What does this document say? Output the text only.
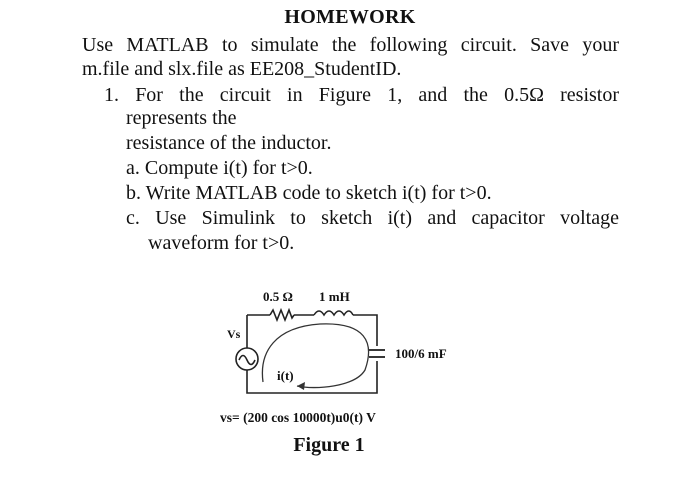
HOMEWORK
Use MATLAB to simulate the following circuit. Save your
m.file and slx.file as EE208_StudentID.
1. For the circuit in Figure 1, and the 0.5Ω resistor
represents the
resistance of the inductor.
a. Compute i(t) for t>0.
b. Write MATLAB code to sketch i(t) for t>0.
c. Use Simulink to sketch i(t) and capacitor voltage
waveform for t>0.
0.5 Ω 1 mH
100/6 mF
Vs
i(t)
vs= (200 cos 10000t)u0(t) V
Figure 1
